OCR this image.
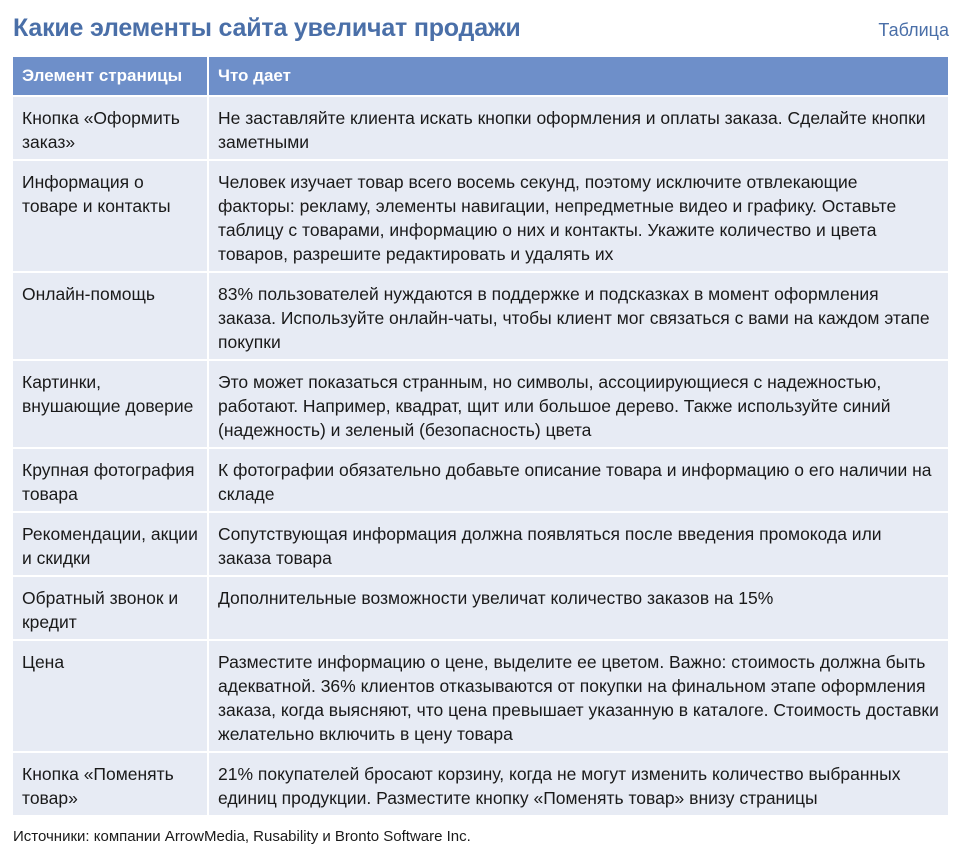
Какие элементы сайта увеличат продажи	Таблица
Элемент страницы	Что дает
Кнопка «Оформить заказ»	Не заставляйте клиента искать кнопки оформления и оплаты заказа. Сделайте кнопки заметными
Информация о товаре и контакты	Человек изучает товар всего восемь секунд, поэтому исключите отвлекающие факторы: рекламу, элементы навигации, непредметные видео и графику. Оставьте таблицу с товарами, информацию о них и контакты. Укажите количество и цвета товаров, разрешите редактировать и удалять их
Онлайн-помощь	83% пользователей нуждаются в поддержке и подсказках в момент оформления заказа. Используйте онлайн-чаты, чтобы клиент мог связаться с вами на каждом этапе покупки
Картинки, внушающие доверие	Это может показаться странным, но символы, ассоциирующиеся с надежностью, работают. Например, квадрат, щит или большое дерево. Также используйте синий (надежность) и зеленый (безопасность) цвета
Крупная фотография товара	К фотографии обязательно добавьте описание товара и информацию о его наличии на складе
Рекомендации, акции и скидки	Сопутствующая информация должна появляться после введения промокода или заказа товара
Обратный звонок и кредит	Дополнительные возможности увеличат количество заказов на 15%
Цена	Разместите информацию о цене, выделите ее цветом. Важно: стоимость должна быть адекватной. 36% клиентов отказываются от покупки на финальном этапе оформления заказа, когда выясняют, что цена превышает указанную в каталоге. Стоимость доставки желательно включить в цену товара
Кнопка «Поменять товар»	21% покупателей бросают корзину, когда не могут изменить количество выбранных единиц продукции. Разместите кнопку «Поменять товар» внизу страницы
Источники: компании ArrowMedia, Rusability и Bronto Software Inc.
